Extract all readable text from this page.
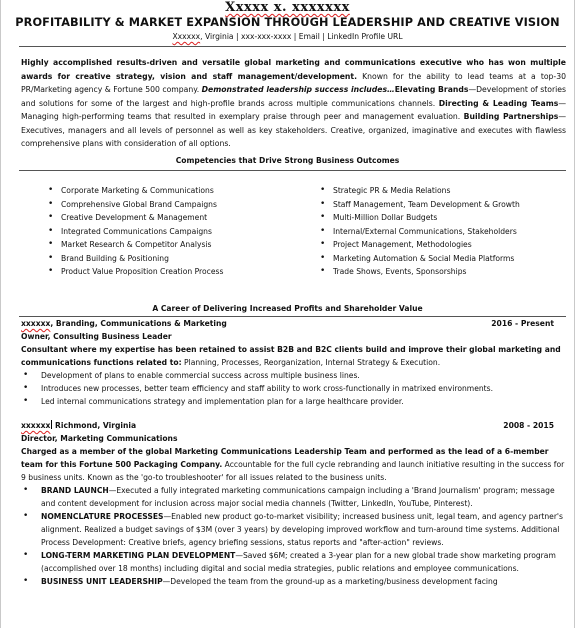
Xxxxx x. xxxxxxx
PROFITABILITY & MARKET EXPANSION THROUGH LEADERSHIP AND CREATIVE VISION
Xxxxxx, Virginia | xxx-xxx-xxxx | Email | LinkedIn Profile URL
Highly accomplished results-driven and versatile global marketing and communications executive who has won multiple awards for creative strategy, vision and staff management/development. Known for the ability to lead teams at a top-30 PR/Marketing agency & Fortune 500 company. Demonstrated leadership success includes…Elevating Brands—Development of stories and solutions for some of the largest and high-profile brands across multiple communications channels. Directing & Leading Teams—Managing high-performing teams that resulted in exemplary praise through peer and management evaluation. Building Partnerships—Executives, managers and all levels of personnel as well as key stakeholders. Creative, organized, imaginative and executes with flawless comprehensive plans with consideration of all options.
Competencies that Drive Strong Business Outcomes
• Corporate Marketing & Communications
• Comprehensive Global Brand Campaigns
• Creative Development & Management
• Integrated Communications Campaigns
• Market Research & Competitor Analysis
• Brand Building & Positioning
• Product Value Proposition Creation Process
• Strategic PR & Media Relations
• Staff Management, Team Development & Growth
• Multi-Million Dollar Budgets
• Internal/External Communications, Stakeholders
• Project Management, Methodologies
• Marketing Automation & Social Media Platforms
• Trade Shows, Events, Sponsorships
A Career of Delivering Increased Profits and Shareholder Value
xxxxxx, Branding, Communications & Marketing	2016 - Present
Owner, Consulting Business Leader
Consultant where my expertise has been retained to assist B2B and B2C clients build and improve their global marketing and communications functions related to: Planning, Processes, Reorganization, Internal Strategy & Execution.
• Development of plans to enable commercial success across multiple business lines.
• Introduces new processes, better team efficiency and staff ability to work cross-functionally in matrixed environments.
• Led internal communications strategy and implementation plan for a large healthcare provider.
xxxxxx Richmond, Virginia	2008 - 2015
Director, Marketing Communications
Charged as a member of the global Marketing Communications Leadership Team and performed as the lead of a 6-member team for this Fortune 500 Packaging Company. Accountable for the full cycle rebranding and launch initiative resulting in the success for 9 business units. Known as the 'go-to troubleshooter' for all issues related to the business units.
• BRAND LAUNCH—Executed a fully integrated marketing communications campaign including a 'Brand Journalism' program; message and content development for inclusion across major social media channels (Twitter, LinkedIn, YouTube, Pinterest).
• NOMENCLATURE PROCESSES—Enabled new product go-to-market visibility; increased business unit, legal team, and agency partner's alignment. Realized a budget savings of $3M (over 3 years) by developing improved workflow and turn-around time systems. Additional Process Development: Creative briefs, agency briefing sessions, status reports and "after-action" reviews.
• LONG-TERM MARKETING PLAN DEVELOPMENT—Saved $6M; created a 3-year plan for a new global trade show marketing program (accomplished over 18 months) including digital and social media strategies, public relations and employee communications.
• BUSINESS UNIT LEADERSHIP—Developed the team from the ground-up as a marketing/business development facing
